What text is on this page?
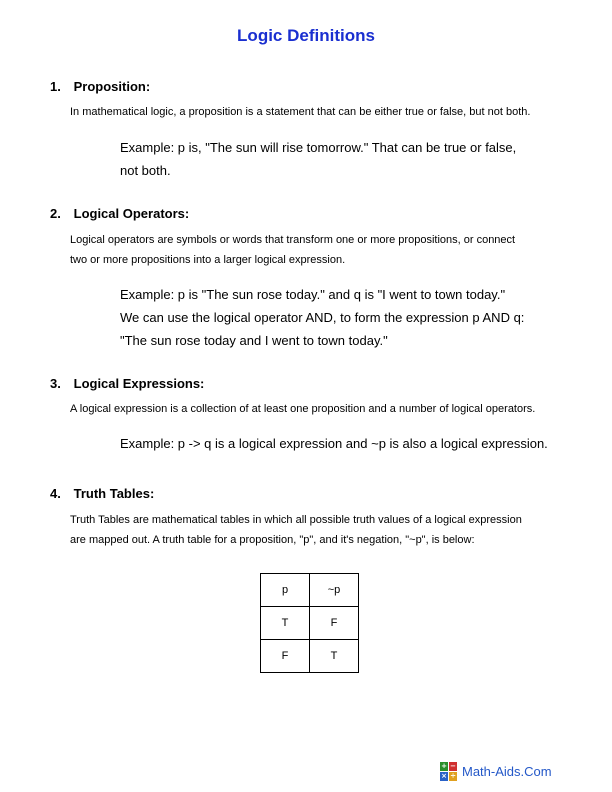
Logic Definitions
1. Proposition:
In mathematical logic, a proposition is a statement that can be either true or false, but not both.
Example: p is, "The sun will rise tomorrow." That can be true or false,
not both.
2. Logical Operators:
Logical operators are symbols or words that transform one or more propositions, or connect
two or more propositions into a larger logical expression.
Example: p is "The sun rose today." and q is "I went to town today."
We can use the logical operator AND, to form the expression p AND q:
"The sun rose today and I went to town today."
3. Logical Expressions:
A logical expression is a collection of at least one proposition and a number of logical operators.
Example: p -> q is a logical expression and ~p is also a logical expression.
4. Truth Tables:
Truth Tables are mathematical tables in which all possible truth values of a logical expression
are mapped out. A truth table for a proposition, "p", and it's negation, "~p", is below:
p	~p
T	F
F	T
+ −
× ÷ Math-Aids.Com
